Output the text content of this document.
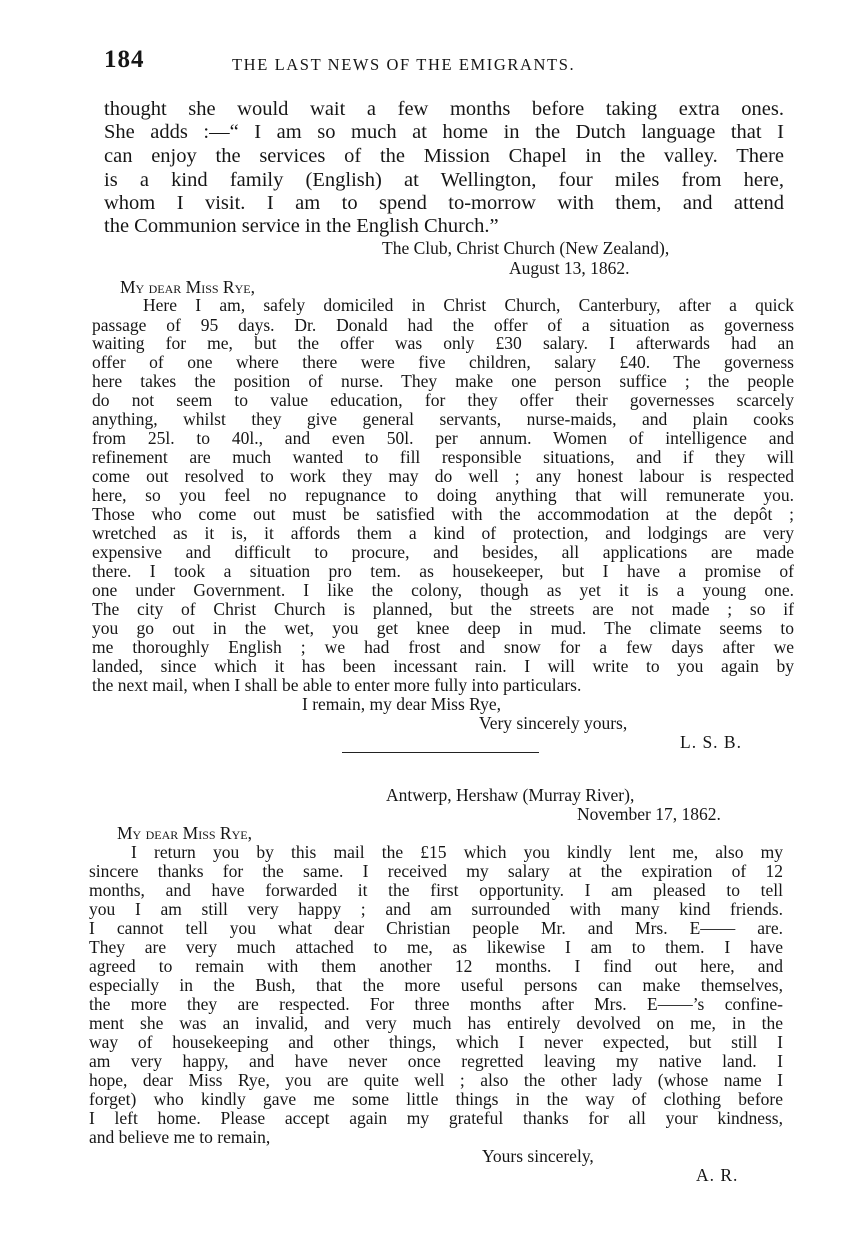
184	THE LAST NEWS OF THE EMIGRANTS.
thought she would wait a few months before taking extra ones.
She adds :—“ I am so much at home in the Dutch language that I
can enjoy the services of the Mission Chapel in the valley. There
is a kind family (English) at Wellington, four miles from here,
whom I visit. I am to spend to-morrow with them, and attend
the Communion service in the English Church.”
The Club, Christ Church (New Zealand),
August 13, 1862.
My dear Miss Rye,
Here I am, safely domiciled in Christ Church, Canterbury, after a quick
passage of 95 days. Dr. Donald had the offer of a situation as governess
waiting for me, but the offer was only £30 salary. I afterwards had an
offer of one where there were five children, salary £40. The governess
here takes the position of nurse. They make one person suffice ; the people
do not seem to value education, for they offer their governesses scarcely
anything, whilst they give general servants, nurse-maids, and plain cooks
from 25l. to 40l., and even 50l. per annum. Women of intelligence and
refinement are much wanted to fill responsible situations, and if they will
come out resolved to work they may do well ; any honest labour is respected
here, so you feel no repugnance to doing anything that will remunerate you.
Those who come out must be satisfied with the accommodation at the depôt ;
wretched as it is, it affords them a kind of protection, and lodgings are very
expensive and difficult to procure, and besides, all applications are made
there. I took a situation pro tem. as housekeeper, but I have a promise of
one under Government. I like the colony, though as yet it is a young one.
The city of Christ Church is planned, but the streets are not made ; so if
you go out in the wet, you get knee deep in mud. The climate seems to
me thoroughly English ; we had frost and snow for a few days after we
landed, since which it has been incessant rain. I will write to you again by
the next mail, when I shall be able to enter more fully into particulars.
I remain, my dear Miss Rye,
Very sincerely yours,
L. S. B.
Antwerp, Hershaw (Murray River),
November 17, 1862.
My dear Miss Rye,
I return you by this mail the £15 which you kindly lent me, also my
sincere thanks for the same. I received my salary at the expiration of 12
months, and have forwarded it the first opportunity. I am pleased to tell
you I am still very happy ; and am surrounded with many kind friends.
I cannot tell you what dear Christian people Mr. and Mrs. E—— are.
They are very much attached to me, as likewise I am to them. I have
agreed to remain with them another 12 months. I find out here, and
especially in the Bush, that the more useful persons can make themselves,
the more they are respected. For three months after Mrs. E——’s confine-
ment she was an invalid, and very much has entirely devolved on me, in the
way of housekeeping and other things, which I never expected, but still I
am very happy, and have never once regretted leaving my native land. I
hope, dear Miss Rye, you are quite well ; also the other lady (whose name I
forget) who kindly gave me some little things in the way of clothing before
I left home. Please accept again my grateful thanks for all your kindness,
and believe me to remain,
Yours sincerely,
A. R.
